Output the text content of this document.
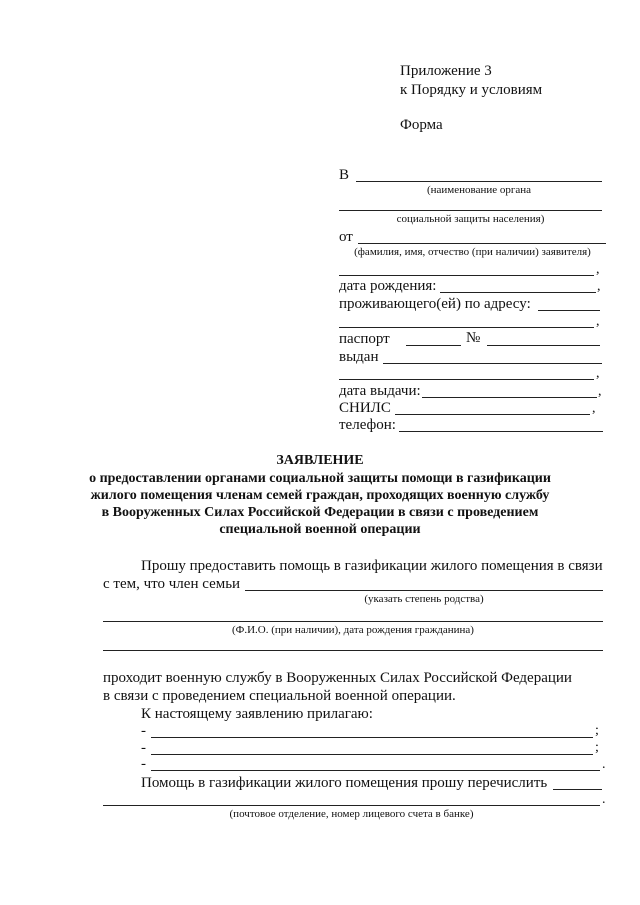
Приложение 3
к Порядку и условиям
Форма
В
(наименование органа
социальной защиты населения)
от
(фамилия, имя, отчество (при наличии) заявителя)
,
дата рождения:	,
проживающего(ей) по адресу:
,
паспорт	№
выдан
,
дата выдачи:	,
СНИЛС	,
телефон:
ЗАЯВЛЕНИЕ
о предоставлении органами социальной защиты помощи в газификации
жилого помещения членам семей граждан, проходящих военную службу
в Вооруженных Силах Российской Федерации в связи с проведением
специальной военной операции
Прошу предоставить помощь в газификации жилого помещения в связи
с тем, что член семьи
(указать степень родства)
(Ф.И.О. (при наличии), дата рождения гражданина)
проходит военную службу в Вооруженных Силах Российской Федерации
в связи с проведением специальной военной операции.
К настоящему заявлению прилагаю:
-	;
-	;
-	.
Помощь в газификации жилого помещения прошу перечислить
.
(почтовое отделение, номер лицевого счета в банке)
